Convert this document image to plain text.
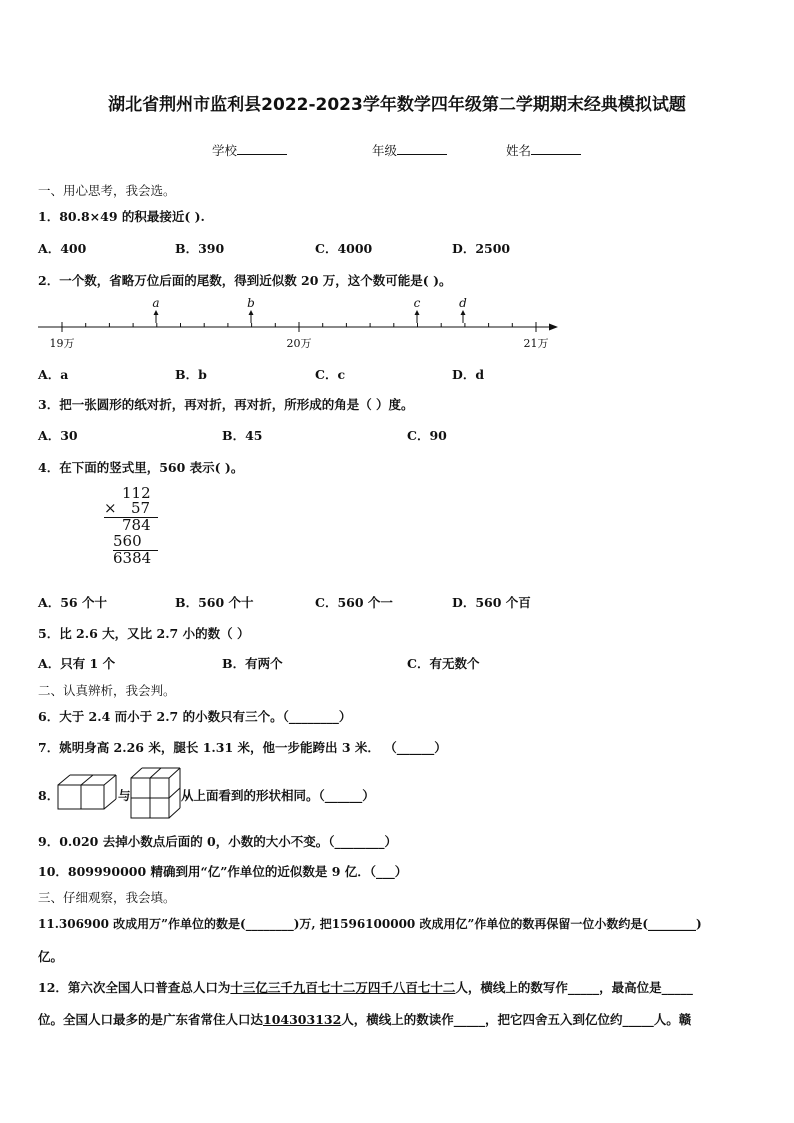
湖北省荆州市监利县2022-2023学年数学四年级第二学期期末经典模拟试题
学校	年级	姓名
一、用心思考，我会选。
1．80.8×49 的积最接近( ).
A．400	B．390	C．4000	D．2500
2．一个数，省略万位后面的尾数，得到近似数 20 万，这个数可能是( )。
a	b	c	d
19万	20万	21万
A．a	B．b	C．c	D．d
3．把一张圆形的纸对折，再对折，再对折，所形成的角是（ ）度。
A．30	B．45	C．90
4．在下面的竖式里，560 表示( )。
112
× 57
784
560
6384
A．56 个十	B．560 个十	C．560 个一	D．560 个百
5．比 2.6 大，又比 2.7 小的数（ ）
A．只有 1 个	B．有两个	C．有无数个
二、认真辨析，我会判。
6．大于 2.4 而小于 2.7 的小数只有三个。（________）
7．姚明身高 2.26 米，腿长 1.31 米，他一步能跨出 3 米． （______）
8．	与	从上面看到的形状相同。（______）
9．0.020 去掉小数点后面的 0，小数的大小不变。（________）
10．809990000 精确到用“亿”作单位的近似数是 9 亿．（___）
三、仔细观察，我会填。
11.306900 改成用万”作单位的数是(________)万, 把1596100000 改成用亿”作单位的数再保留一位小数约是(________)
亿。
12．第六次全国人口普查总人口为十三亿三千九百七十二万四千八百七十二人，横线上的数写作_____，最高位是_____
位。全国人口最多的是广东省常住人口达104303132人，横线上的数读作_____，把它四舍五入到亿位约_____人。赣
